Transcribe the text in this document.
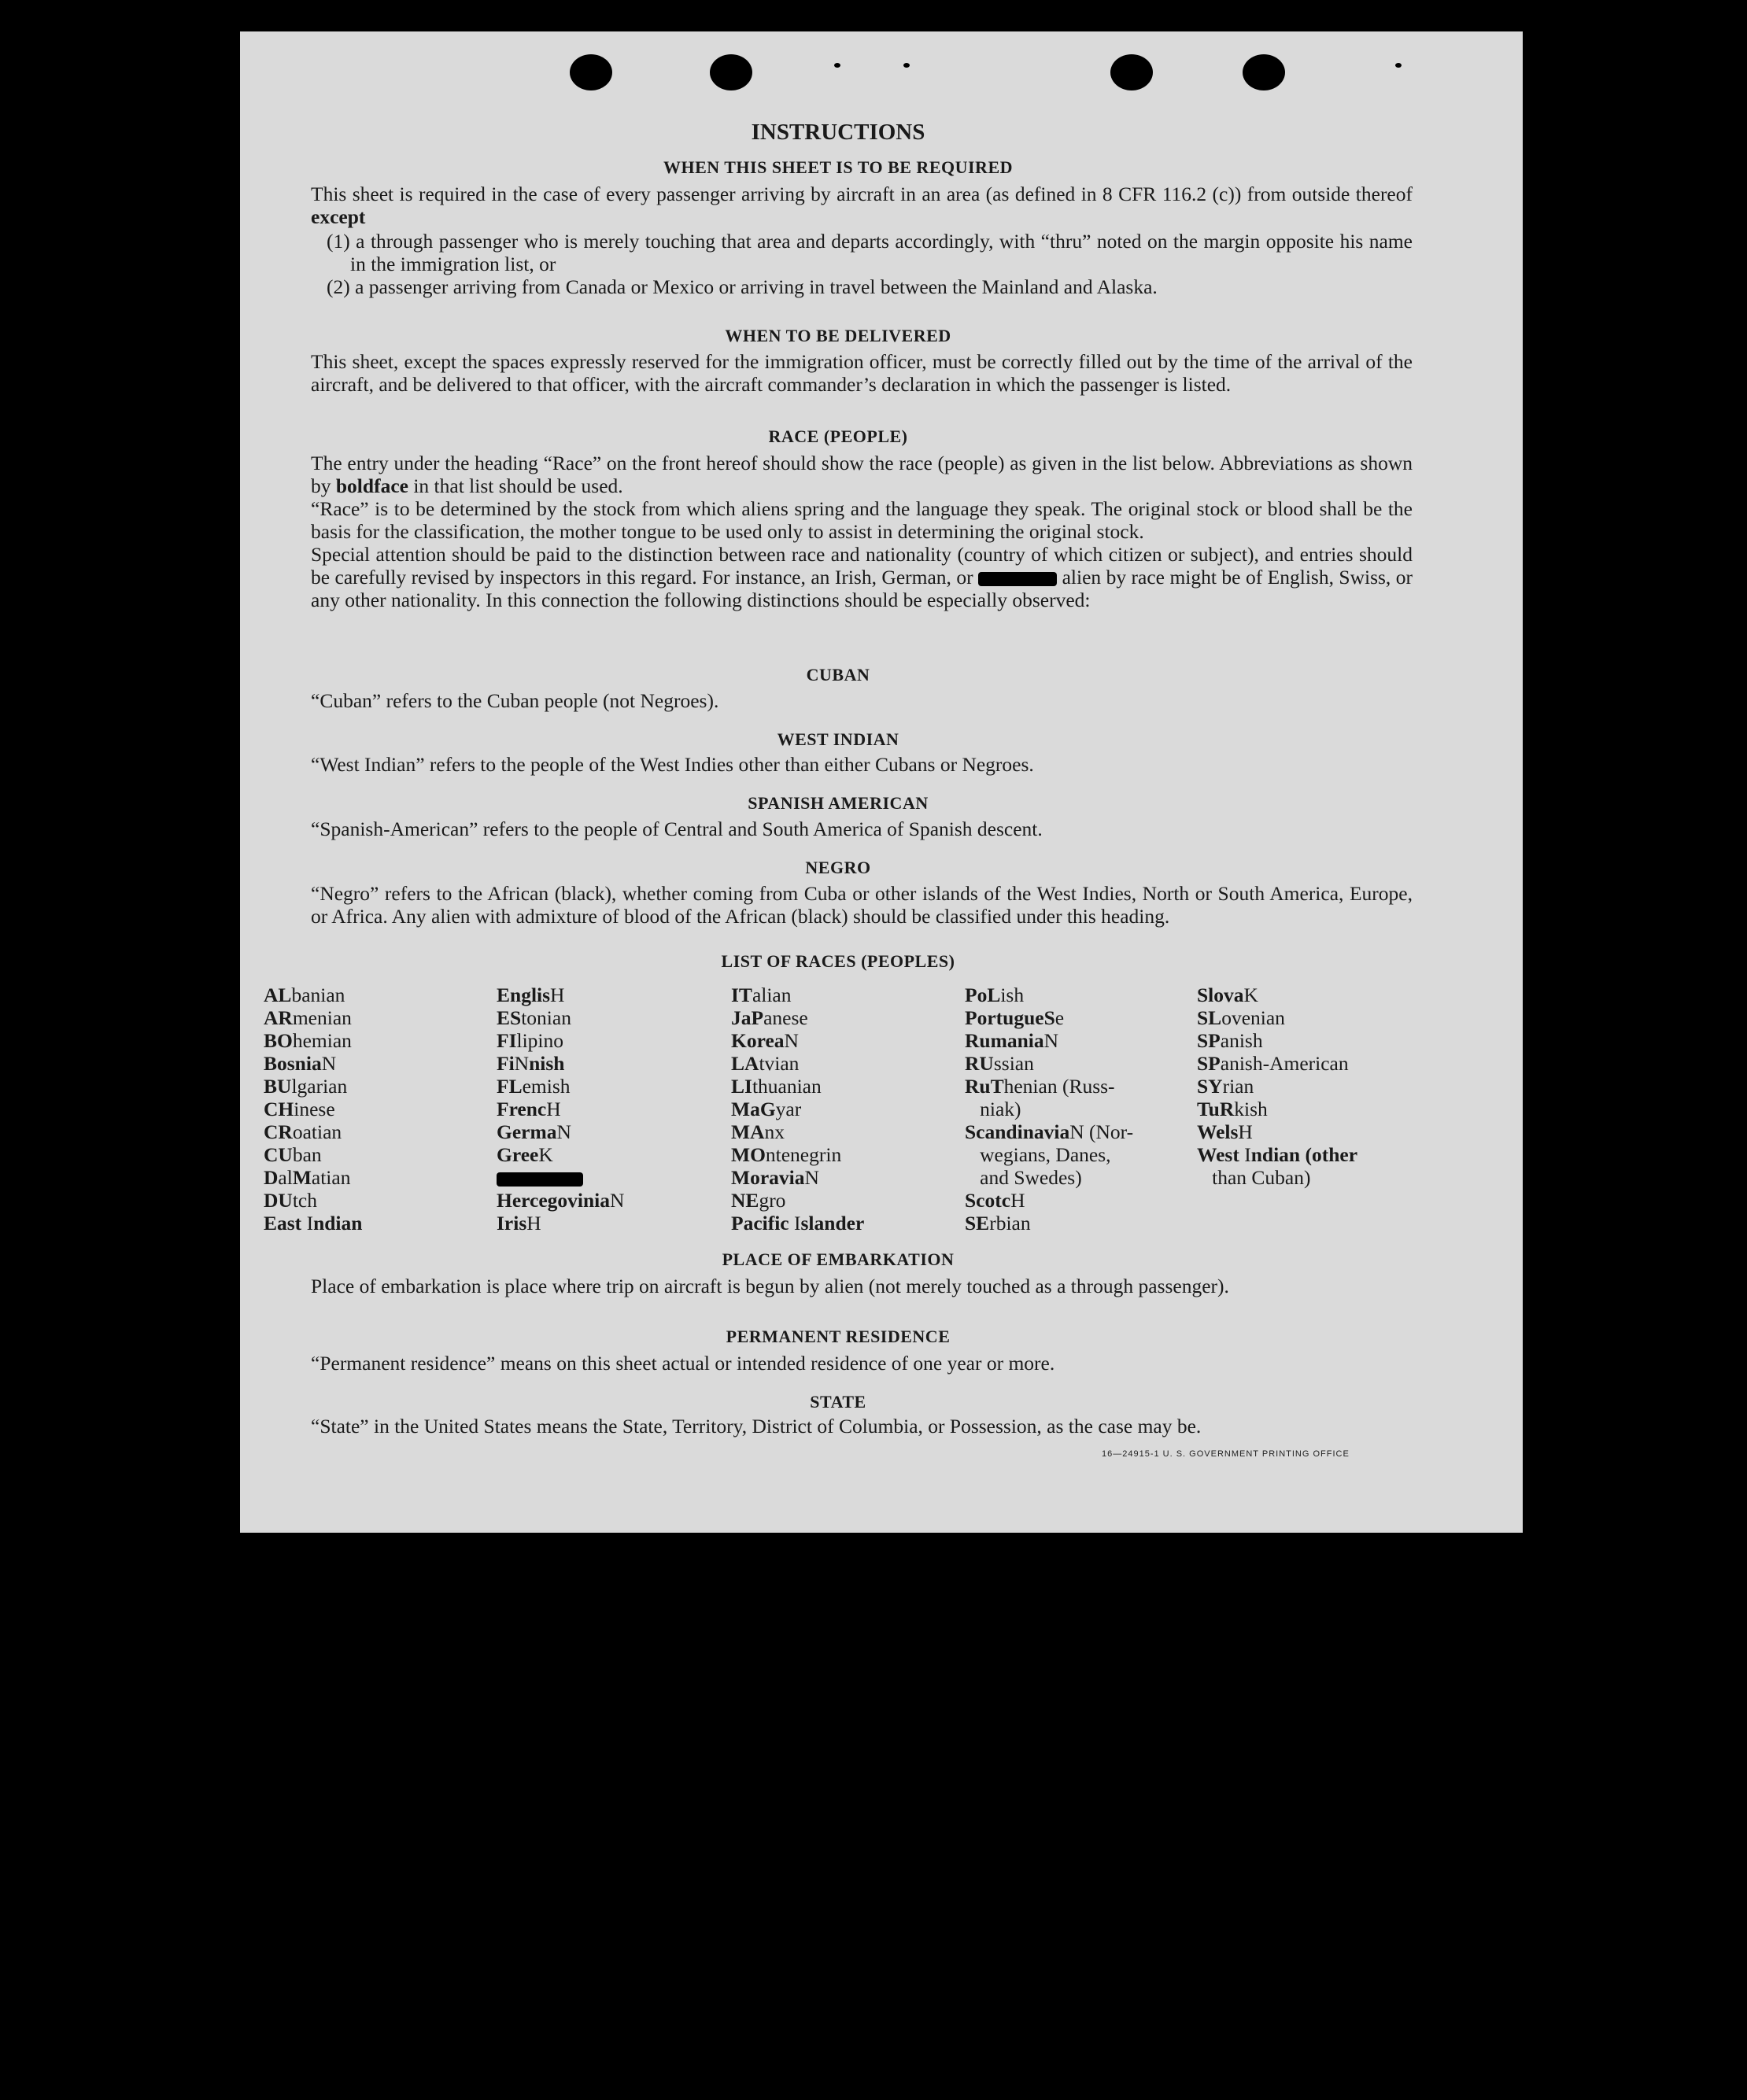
INSTRUCTIONS
WHEN THIS SHEET IS TO BE REQUIRED
This sheet is required in the case of every passenger arriving by aircraft in an area (as defined in 8 CFR 116.2 (c)) from outside thereof except
(1) a through passenger who is merely touching that area and departs accordingly, with “thru” noted on the margin opposite his name in the immigration list, or
(2) a passenger arriving from Canada or Mexico or arriving in travel between the Mainland and Alaska.
WHEN TO BE DELIVERED
This sheet, except the spaces expressly reserved for the immigration officer, must be correctly filled out by the time of the arrival of the aircraft, and be delivered to that officer, with the aircraft commander’s declaration in which the passenger is listed.
RACE (PEOPLE)
The entry under the heading “Race” on the front hereof should show the race (people) as given in the list below. Abbreviations as shown by boldface in that list should be used.
“Race” is to be determined by the stock from which aliens spring and the language they speak. The original stock or blood shall be the basis for the classification, the mother tongue to be used only to assist in determining the original stock.
Special attention should be paid to the distinction between race and nationality (country of which citizen or subject), and entries should be carefully revised by inspectors in this regard. For instance, an Irish, German, or	alien by race might be of English, Swiss, or any other nationality. In this connection the following distinctions should be especially observed:
CUBAN
“Cuban” refers to the Cuban people (not Negroes).
WEST INDIAN
“West Indian” refers to the people of the West Indies other than either Cubans or Negroes.
SPANISH AMERICAN
“Spanish-American” refers to the people of Central and South America of Spanish descent.
NEGRO
“Negro” refers to the African (black), whether coming from Cuba or other islands of the West Indies, North or South America, Europe, or Africa. Any alien with admixture of blood of the African (black) should be classified under this heading.
LIST OF RACES (PEOPLES)
ALbanian
ARmenian
BOhemian
BosniaN
BUlgarian
CHinese
CRoatian
CUban
DalMatian
DUtch
East Indian
EnglisH
EStonian
FIlipino
FiNnish
FLemish
FrencH
GermaN
GreeK
HercegoviniaN
IrisH
ITalian
JaPanese
KoreaN
LAtvian
LIthuanian
MaGyar
MAnx
MOntenegrin
MoraviaN
NEgro
Pacific Islander
PoLish
PortugueSe
RumaniaN
RUssian
RuThenian (Russ-
niak)
ScandinaviaN (Nor-
wegians, Danes,
and Swedes)
ScotcH
SErbian
SlovaK
SLovenian
SPanish
SPanish-American
SYrian
TuRkish
WelsH
West Indian (other
than Cuban)
PLACE OF EMBARKATION
Place of embarkation is place where trip on aircraft is begun by alien (not merely touched as a through passenger).
PERMANENT RESIDENCE
“Permanent residence” means on this sheet actual or intended residence of one year or more.
STATE
“State” in the United States means the State, Territory, District of Columbia, or Possession, as the case may be.
16—24915-1 U. S. GOVERNMENT PRINTING OFFICE
